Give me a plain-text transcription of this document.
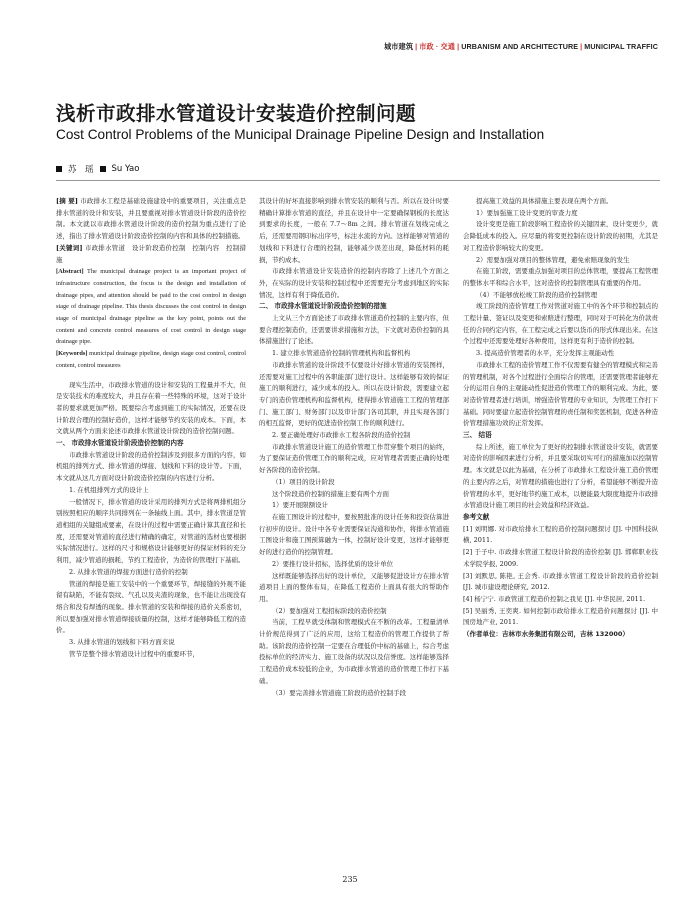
城市建筑 | 市政 · 交通 | URBANISM AND ARCHITECTURE | MUNICIPAL TRAFFIC
浅析市政排水管道设计安装造价控制问题
Cost Control Problems of the Municipal Drainage Pipeline Design and Installation
苏　瑶 Su Yao

[摘 要] 市政排水工程是基础设施建设中的重要项目，关注重点是排水管道的设计和安装，并且要重视对排水管道设计阶段的造价控制。本文就以市政排水管道设计阶段的造价控制为重点进行了论述，指出了排水管道设计阶段造价控制的内容和具体的控制措施。

[关键词] 市政排水管道　设计阶段造价控制　控制内容　控制措施

[Abstract] The municipal drainage project is an important project of infrastructure construction, the focus is the design and installation of drainage pipes, and attention should be paid to the cost control in design stage of drainage pipeline. This thesis discusses the cost control in design stage of municipal drainage pipeline as the key point, points out the content and concrete control measures of cost control in design stage drainage pipe.

[Keywords] municipal drainage pipeline, design stage cost control, control content, control measures

现实生活中，市政排水管道的设计和安装的工程量并不大，但是安装技术的难度较大，并且存在着一些特殊的环境，这对于设计者的要求就更加严格。既要综合考虑到施工的实际情况，还要在设计阶段合理的控制好造价，这样才能够节约安装的成本。下面，本文就从两个方面来论述市政排水管道设计阶段的造价控制问题。

一、 市政排水管道设计阶段造价控制的内容

市政排水管道设计阶段的造价控制涉及到很多方面的内容，如机组的排列方式、排水管道的焊接、划线和下料的设计等。下面，本文就从这几方面对设计阶段造价控制的内容进行分析。

1. 在机组排列方式的设计上

一般情况下，排水管道的设计采用的排列方式是将两排机组分别按照相应的顺序共同排列在一条轴线上面。其中，排水管道是管道相组的关键组成要素，在设计的过程中需要正确计算其直径和长度，还需要对管道的直径进行精确的确定，对管道的选材也要根据实际情况进行。这样的尺寸和规格设计能够更好的保证材料的充分利用，减少管道的损耗，节约工程造价，为造价的管理打下基础。

2. 从排水管道的焊接方面进行造价的控制

管道的焊接是施工安装中的一个重要环节，焊接缝的外观不能留有缺陷，不能有裂纹、气孔以及夹渣的现象，也不能让出现没有熔合和没有焊透的现象。排水管道的安装和焊接的造价关系密切，所以要加强对排水管道焊接质量的控制，这样才能够降低工程的造价。

3. 从排水管道的划线和下料方面来说

管节是整个排水管道设计过程中的重要环节，

其设计的好坏直接影响到排水管安装的顺利与否。所以在设计时要精确计算排水管道的直径，并且在设计中一定要确保钢板的长度达到要求的长度，一般在 7.7～8m 之间。排水管道在划线完成之后，还需要用钢印标出序号，标注水流的方向。这样能够对管道的划线和下料进行合理的控制，能够减少误差出现，降低材料的耗损，节约成本。

市政排水管道设计安装造价的控制内容除了上述几个方面之外，在实际的设计安装和控制过程中还需要充分考虑到地区的实际情况，这样有利于降低造价。

二、 市政排水管道设计阶段造价控制的措施

上文从三个方面论述了市政排水管道造价控制的主要内容，但要合理控制造价，还需要讲求措施和方法，下文就对造价控制的具体措施进行了论述。

1. 建立排水管道造价控制的管理机构和监督机构

市政排水管道的设计阶段不仅要设计好排水管道的安装图样，还需要对施工过程中的各职能部门进行设计。这样能够有效的保证施工的顺利进行，减少成本的投入。所以在设计阶段，需要建立起专门的造价管理机构和监督机构，使得排水管道施工工程的管理部门、施工部门、财务部门以及审计部门各司其职，并且实现各部门的相互监督，更好的促进造价控制工作的顺利进行。

2. 要正确处理好市政排水工程各阶段的造价控制

市政排水管道设计施工的造价管理工作贯穿整个项目的始终，为了要保证造价管理工作的顺利完成，应对管理者需要正确的处理好各阶段的造价控制。

（1）项目的设计阶段

这个阶段造价控制的措施主要有两个方面

1）要开展限额设计

在施工图设计的过程中，要按照批准的设计任务和投资估算进行初步的设计。设计中各专业需要保证沟通和协作，将排水管道施工图设计和施工图预算融为一体，控制好设计变更，这样才能够更好的进行造价的控制管理。

2）要推行设计招标，选择优质的设计单位

这样既能够选择出好的设计单位，又能够促进设计方在排水管道项目上面的整体布局，在降低工程造价上面具有很大的帮助作用。

（2）要加强对工程招标阶段的造价控制

当前，工程早就受体制和管理模式在不断的改革。工程量清单计价规范得到了广泛的应用，这给工程造价的管理工作提供了帮助。该阶段的造价控制一定要在合理低价中标的基础上，综合考虑投标单位的经济实力、施工设备的状况以及信誉度。这样能够选择工程造价成本较低的企业，为市政排水管道的造价管理工作打下基础。

（3）要完善排水管道施工阶段的造价控制手段

提高施工效益的具体措施主要表现在两个方面。

1）要加强施工设计变更的审查力度

设计变更是施工阶段影响工程造价的关键因素，设计变更少，就会降低成本的投入。应尽量的将变更控制在设计阶段的初期，尤其是对工程造价影响较大的变更。

2）需要加强对项目的整体管理，避免索赔现象的发生

在施工阶段，需要重点加强对项目的总体管理，要提高工程管理的整体水平和综合水平，这对造价的控制管理具有重要的作用。

（4）不能够放松竣工阶段的造价控制管理

竣工阶段的造价管理工作对管道对施工中的各个环节和控制点的工程计量、签证以及变更和索赔进行整理，同时对于可转化为价款责任的合同约定内容，在工程完成之后要以货币的形式体现出来。在这个过程中还需要处理好各种费用，这样更有利于造价的控制。

3. 提高造价管理者的水平，充分发挥主观能动性

市政排水工程的造价管理工作不仅需要有健全的管理模式和完善的管理机制，对各个过程进行全面综合的管理，还需要管理者能够充分的运用自身的主观能动性促进造价管理工作的顺利完成。为此，要对造价管理者进行培训，增强造价管理的专业知识，为管理工作打下基础。同时要建立起造价控制管理的责任制和奖惩机制，促进各种造价管理措施功效的正常发挥。

三、 结语

综上所述，施工单位为了更好的控制排水管道设计安装，就需要对造价的影响因素进行分析，并且要采取切实可行的措施加以控制管理。本文就是以此为基础，在分析了市政排水工程设计施工造价管理的主要内容之后，对管理的措施也进行了分析，希望能够不断提升造价管理的水平，更好地节约施工成本，以便能最大限度地提升市政排水管道设计施工项目的社会效益和经济效益。

参考文献

[1] 刘明娜. 对市政给排水工程的造价控制问题探讨 [J]. 中国科技纵横, 2011.

[2] 于子中. 市政排水管道工程设计阶段的造价控制 [J]. 邯郸职业技术学院学报, 2009.

[3] 刘默思, 陈艳, 王会秀. 市政排水管道工程设计阶段的造价控制 [J]. 城市建设理论研究, 2012.

[4] 杨宁宁. 市政管道工程造价控制之我见 [J]. 中华民居, 2011.

[5] 吴丽秀, 王奕爽. 如何控制市政给排水工程造价问题探讨 [J]. 中国房地产业, 2011.

（作者单位：吉林市水务集团有限公司，吉林 132000）

235
